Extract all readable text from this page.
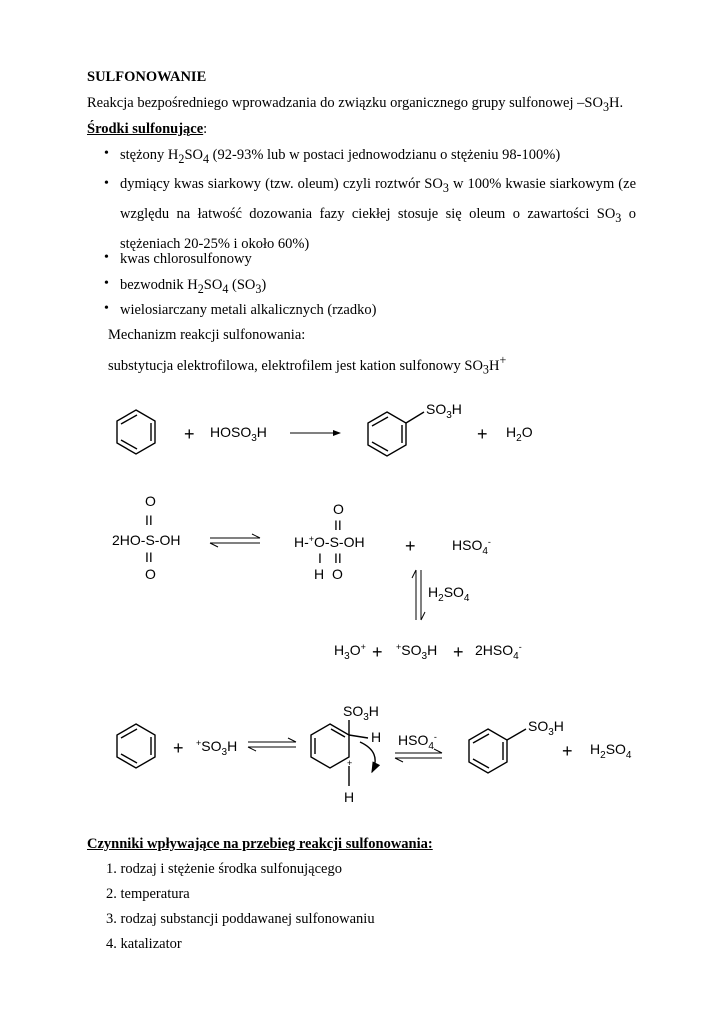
SULFONOWANIE
Reakcja bezpośredniego wprowadzania do związku organicznego grupy sulfonowej $-SO_3H$.
Środki sulfonujące:
• stężony $H_2SO_4$ (92-93% lub w postaci jednowodzianu o stężeniu 98-100%)
• dymiący kwas siarkowy (tzw. oleum) czyli roztwór $SO_3$ w 100% kwasie siarkowym (ze względu na łatwość dozowania fazy ciekłej stosuje się oleum o zawartości $SO_3$ o stężeniach 20-25% i około 60%)
• kwas chlorosulfonowy
• bezwodnik $H_2SO_4$ $(SO_3)$
• wielosiarczany metali alkalicznych (rzadko)
Mechanizm reakcji sulfonowania:
substytucja elektrofilowa, elektrofilem jest kation sulfonowy $SO_3H^+$
+ $HOSO_3H$
$SO_3H$
+ $H_2O$
O
II
2HO-S-OH
II
O
O
II
H-+O-S-OH
I II
H O
+	$HSO_4^-$
$H_2SO_4$
$H_3O^+ + ^+SO_3H + 2HSO_4^-$
+ $^+SO_3H$
$SO_3H$
H
+
H
$HSO_4^-$
$SO_3H$
+ $H_2SO_4$
Czynniki wpływające na przebieg reakcji sulfonowania:
1. rodzaj i stężenie środka sulfonującego
2. temperatura
3. rodzaj substancji poddawanej sulfonowaniu
4. katalizator
